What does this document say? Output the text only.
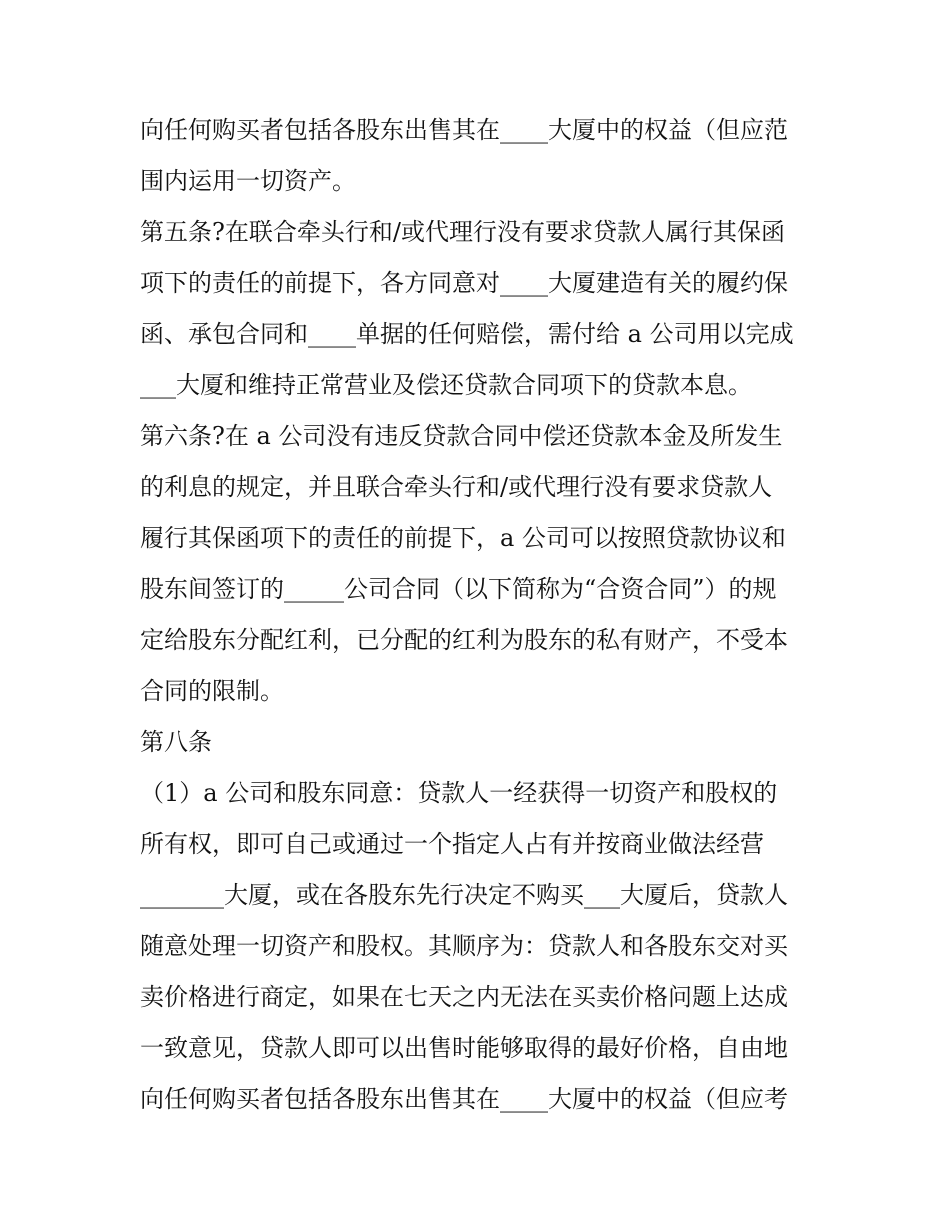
向任何购买者包括各股东出售其在____大厦中的权益（但应范
围内运用一切资产。
第五条?在联合牵头行和/或代理行没有要求贷款人属行其保函
项下的责任的前提下，各方同意对____大厦建造有关的履约保
函、承包合同和____单据的任何赔偿，需付给 a 公司用以完成
___大厦和维持正常营业及偿还贷款合同项下的贷款本息。
第六条?在 a 公司没有违反贷款合同中偿还贷款本金及所发生
的利息的规定，并且联合牵头行和/或代理行没有要求贷款人
履行其保函项下的责任的前提下，a 公司可以按照贷款协议和
股东间签订的_____公司合同（以下简称为“合资合同”）的规
定给股东分配红利，已分配的红利为股东的私有财产，不受本
合同的限制。
第八条
（1）a 公司和股东同意：贷款人一经获得一切资产和股权的
所有权，即可自己或通过一个指定人占有并按商业做法经营
_______大厦，或在各股东先行决定不购买___大厦后，贷款人
随意处理一切资产和股权。其顺序为：贷款人和各股东交对买
卖价格进行商定，如果在七天之内无法在买卖价格问题上达成
一致意见，贷款人即可以出售时能够取得的最好价格，自由地
向任何购买者包括各股东出售其在____大厦中的权益（但应考
